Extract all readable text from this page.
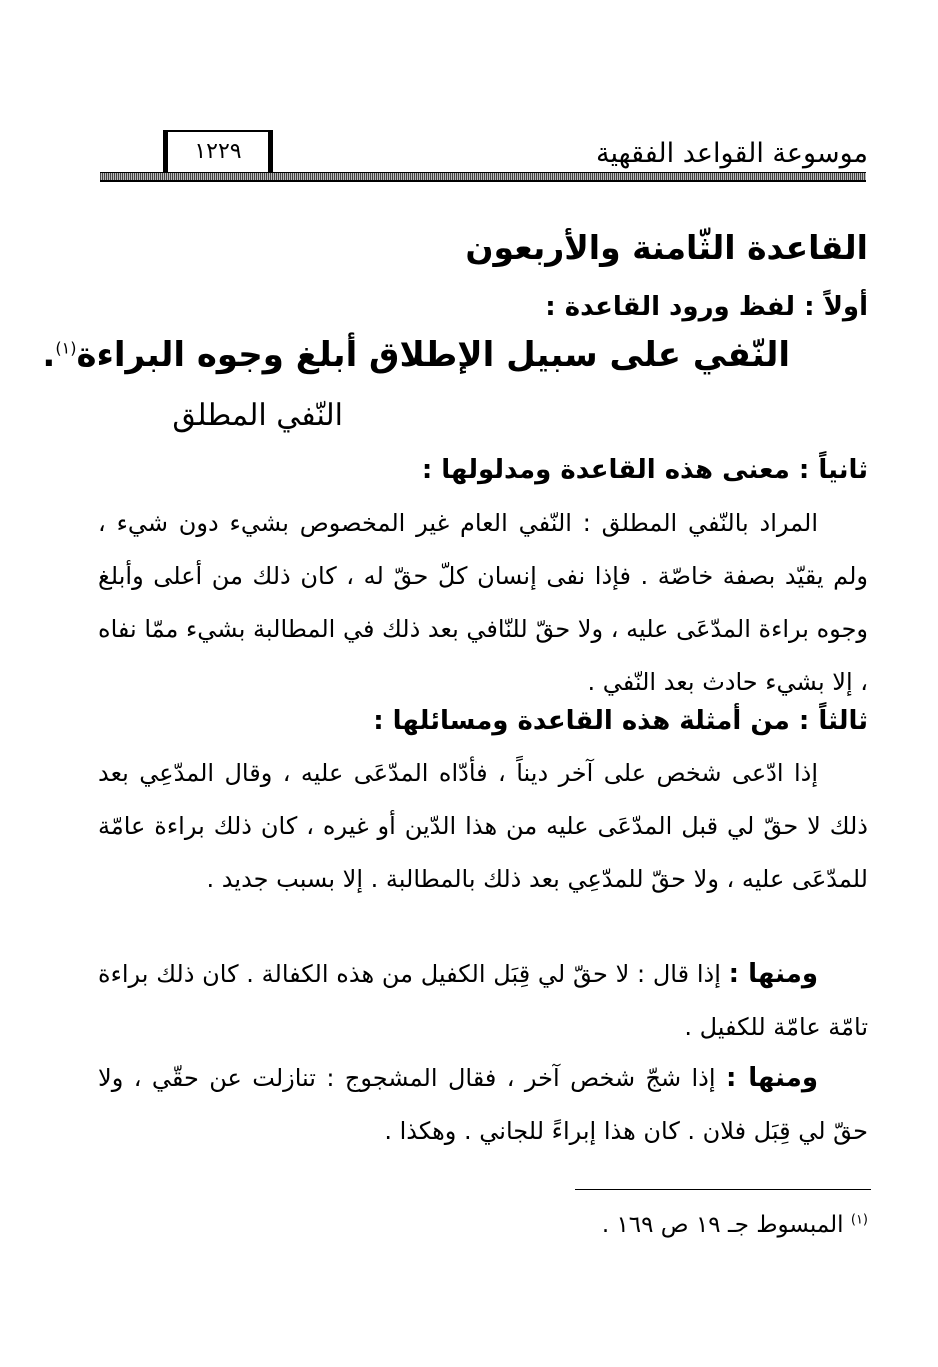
موسوعة القواعد الفقهية
١٢٢٩
القاعدة الثّامنة والأربعون
أولاً : لفظ ورود القاعدة :
النّفي على سبيل الإطلاق أبلغ وجوه البراءة$^{(١)}$.
النّفي المطلق
ثانياً : معنى هذه القاعدة ومدلولها :
المراد بالنّفي المطلق : النّفي العام غير المخصوص بشيء دون شيء ، ولم يقيّد بصفة خاصّة . فإذا نفى إنسان كلّ حقّ له ، كان ذلك من أعلى وأبلغ وجوه براءة المدّعَى عليه ، ولا حقّ للنّافي بعد ذلك في المطالبة بشيء ممّا نفاه ، إلا بشيء حادث بعد النّفي .
ثالثاً : من أمثلة هذه القاعدة ومسائلها :
إذا ادّعى شخص على آخر ديناً ، فأدّاه المدّعَى عليه ، وقال المدّعِي بعد ذلك لا حقّ لي قبل المدّعَى عليه من هذا الدّين أو غيره ، كان ذلك براءة عامّة للمدّعَى عليه ، ولا حقّ للمدّعِي بعد ذلك بالمطالبة . إلا بسبب جديد .
ومنها : إذا قال : لا حقّ لي قِبَل الكفيل من هذه الكفالة . كان ذلك براءة تامّة عامّة للكفيل .
ومنها : إذا شجّ شخص آخر ، فقال المشجوج : تنازلت عن حقّي ، ولا حقّ لي قِبَل فلان . كان هذا إبراءً للجاني . وهكذا .
$^{(١)}$ المبسوط جـ ١٩ ص ١٦٩ .
